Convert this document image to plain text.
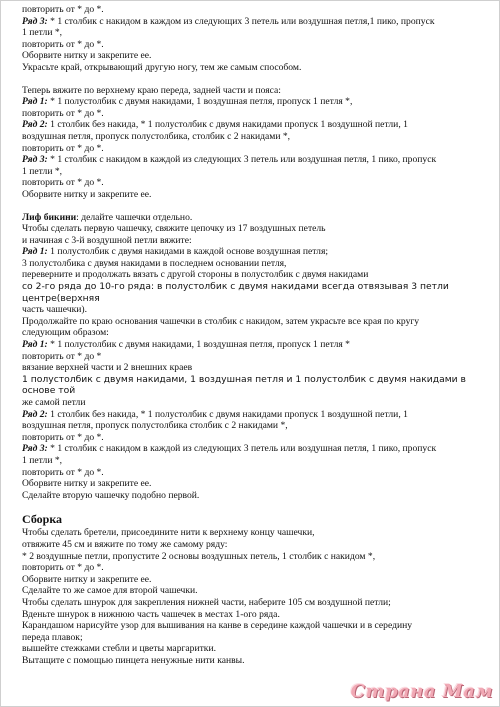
повторить от * до *.
Ряд 3: * 1 столбик с накидом в каждом из следующих 3 петель или воздушная петля,1 пико, пропуск
1 петли *,
повторить от * до *.
Оборвите нитку и закрепите ее.
Украсьте край, открывающий другую ногу, тем же самым способом.
Теперь вяжите по верхнему краю переда, задней части и пояса:
Ряд 1: * 1 полустолбик с двумя накидами, 1 воздушная петля, пропуск 1 петля *,
повторить от * до *.
Ряд 2: 1 столбик без накида, * 1 полустолбик с двумя накидами пропуск 1 воздушной петли, 1
воздушная петля, пропуск полустолбика, столбик с 2 накидами *,
повторить от * до *.
Ряд 3: * 1 столбик с накидом в каждой из следующих 3 петель или воздушная петля, 1 пико, пропуск
1 петли *,
повторить от * до *.
Оборвите нитку и закрепите ее.
Лиф бикини: делайте чашечки отдельно.
Чтобы сделать первую чашечку, свяжите цепочку из 17 воздушных петель
и начиная с 3-й воздушной петли вяжите:
Ряд 1: 1 полустолбик с двумя накидами в каждой основе воздушная петля;
3 полустолбика с двумя накидами в последнем основании петля,
переверните и продолжать вязать с другой стороны в полустолбик с двумя накидами
со 2-го ряда до 10-го ряда: в полустолбик с двумя накидами всегда отвязывая 3 петли центре(верхняя
часть чашечки).
Продолжайте по краю основания чашечки в столбик с накидом, затем украсьте все края по кругу
следующим образом:
Ряд 1: * 1 полустолбик с двумя накидами, 1 воздушная петля, пропуск 1 петля *
повторить от * до *
вязание верхней части и 2 внешних краев
1 полустолбик с двумя накидами, 1 воздушная петля и 1 полустолбик с двумя накидами в основе той
же самой петли
Ряд 2: 1 столбик без накида, * 1 полустолбик с двумя накидами пропуск 1 воздушной петли, 1
воздушная петля, пропуск полустолбика столбик с 2 накидами *,
повторить от * до *.
Ряд 3: * 1 столбик с накидом в каждой из следующих 3 петель или воздушная петля, 1 пико, пропуск
1 петли *,
повторить от * до *.
Оборвите нитку и закрепите ее.
Сделайте вторую чашечку подобно первой.
Сборка
Чтобы сделать бретели, присоедините нити к верхнему концу чашечки,
отвяжите 45 см и вяжите по тому же самому ряду:
* 2 воздушные петли, пропустите 2 основы воздушных петель, 1 столбик с накидом *,
повторить от * до *.
Оборвите нитку и закрепите ее.
Сделайте то же самое для второй чашечки.
Чтобы сделать шнурок для закрепления нижней части, наберите 105 см воздушной петли;
Вденьте шнурок в нижнюю часть чашечек в местах 1-ого ряда.
Карандашом нарисуйте узор для вышивания на канве в середине каждой чашечки и в середину
переда плавок;
вышейте стежками стебли и цветы маргаритки.
Вытащите с помощью пинцета ненужные нити канвы.
Страна Мам
